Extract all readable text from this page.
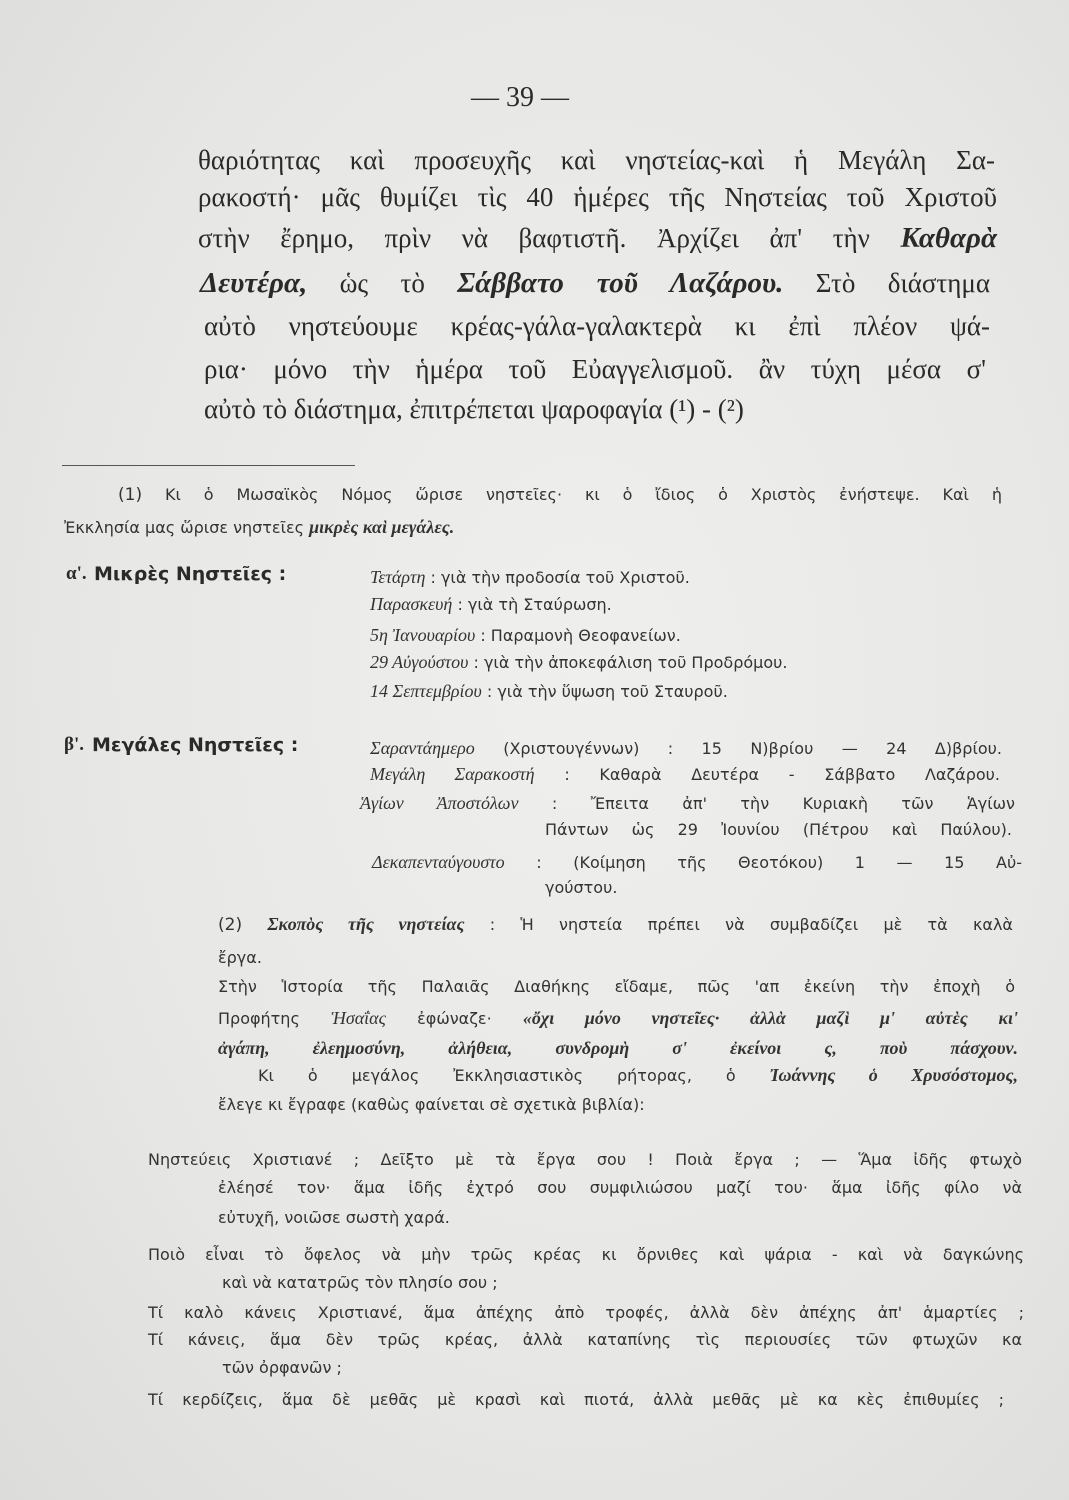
— 39 —
θαριότητας καὶ προσευχῆς καὶ νηστείας-καὶ ἡ Μεγάλη Σα-
ρακοστή· μᾶς θυμίζει τὶς 40 ἡμέρες τῆς Νηστείας τοῦ Χριστοῦ
στὴν ἔρημο, πρὶν νὰ βαφτιστῆ. Ἀρχίζει ἀπ' τὴν Καθαρὰ
Δευτέρα, ὡς τὸ Σάββατο τοῦ Λαζάρου. Στὸ διάστημα
αὐτὸ νηστεύουμε κρέας-γάλα-γαλακτερὰ κι ἐπὶ πλέον ψά-
ρια· μόνο τὴν ἡμέρα τοῦ Εὐαγγελισμοῦ. ἂν τύχη μέσα σ'
αὐτὸ τὸ διάστημα, ἐπιτρέπεται ψαροφαγία (¹) - (²)
(1) Κι ὁ Μωσαϊκὸς Νόμος ὥρισε νηστεῖες· κι ὁ ἴδιος ὁ Χριστὸς ἐνήστεψε. Καὶ ἡ
Ἐκκλησία μας ὥρισε νηστεῖες μικρὲς καὶ μεγάλες.
α'. Μικρὲς Νηστεῖες :	Τετάρτη : γιὰ τὴν προδοσία τοῦ Χριστοῦ.
Παρασκευή : γιὰ τὴ Σταύρωση.
5η Ἰανουαρίου : Παραμονὴ Θεοφανείων.
29 Αὐγούστου : γιὰ τὴν ἀποκεφάλιση τοῦ Προδρόμου.
14 Σεπτεμβρίου : γιὰ τὴν ὕψωση τοῦ Σταυροῦ.
β'. Μεγάλες Νηστεῖες :	Σαραντάημερο (Χριστουγέννων) : 15 Ν)βρίου — 24 Δ)βρίου.
Μεγάλη Σαρακοστή : Καθαρὰ Δευτέρα - Σάββατο Λαζάρου.
Ἁγίων Ἀποστόλων : Ἔπειτα ἀπ' τὴν Κυριακὴ τῶν Ἁγίων
Πάντων ὡς 29 Ἰουνίου (Πέτρου καὶ Παύλου).
Δεκαπενταύγουστο : (Κοίμηση τῆς Θεοτόκου) 1 — 15 Αὐ-
γούστου.
(2) Σκοπὸς τῆς νηστείας : Ἡ νηστεία πρέπει νὰ συμβαδίζει μὲ τὰ καλὰ
ἔργα.
Στὴν Ἱστορία τῆς Παλαιᾶς Διαθήκης εἴδαμε, πῶς 'απ ἐκείνη τὴν ἐποχὴ ὁ
Προφήτης Ἡσαΐας ἐφώναζε· «ὄχι μόνο νηστεῖες· ἀλλὰ μαζὶ μ' αὐτὲς κι'
ἀγάπη, ἐλεημοσύνη, ἀλήθεια, συνδρομὴ σ' ἐκείνοι ς, ποὺ πάσχουν.
Κι ὁ μεγάλος Ἐκκλησιαστικὸς ρήτορας, ὁ Ἰωάννης ὁ Χρυσόστομος,
ἔλεγε κι ἔγραφε (καθὼς φαίνεται σὲ σχετικὰ βιβλία):
Νηστεύεις Χριστιανέ ; Δεῖξτο μὲ τὰ ἔργα σου ! Ποιὰ ἔργα ; — Ἅμα ἰδῆς φτωχὸ
ἐλέησέ τον· ἅμα ἰδῆς ἐχτρό σου συμφιλιώσου μαζί του· ἅμα ἰδῆς φίλο νὰ
εὐτυχῆ, νοιῶσε σωστὴ χαρά.
Ποιὸ εἶναι τὸ ὄφελος νὰ μὴν τρῶς κρέας κι ὄρνιθες καὶ ψάρια - καὶ νὰ δαγκώνης
καὶ νὰ κατατρῶς τὸν πλησίο σου ;
Τί καλὸ κάνεις Χριστιανέ, ἅμα ἀπέχης ἀπὸ τροφές, ἀλλὰ δὲν ἀπέχης ἀπ' ἁμαρτίες ;
Τί κάνεις, ἅμα δὲν τρῶς κρέας, ἀλλὰ καταπίνης τὶς περιουσίες τῶν φτωχῶν κα
τῶν ὀρφανῶν ;
Τί κερδίζεις, ἅμα δὲ μεθᾶς μὲ κρασὶ καὶ πιοτά, ἀλλὰ μεθᾶς μὲ κα κὲς ἐπιθυμίες ;
